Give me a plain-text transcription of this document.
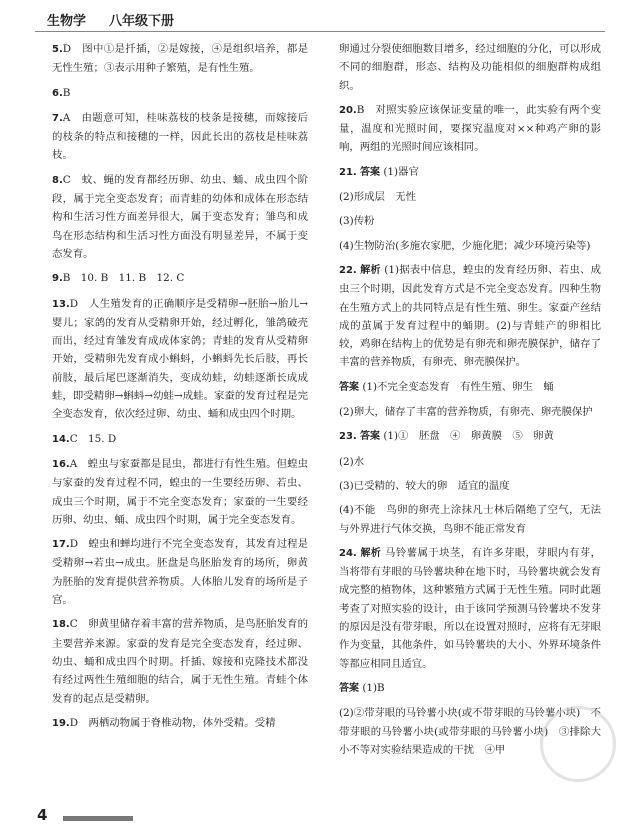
生物学 八年级下册

5.D　图中①是扦插，②是嫁接，④是组织培养，都是无性生殖；③表示用种子繁殖，是有性生殖。

6.B

7.A　由题意可知，桂味荔枝的枝条是接穗，而嫁接后的枝条的特点和接穗的一样，因此长出的荔枝是桂味荔枝。

8.C　蚊、蝇的发育都经历卵、幼虫、蛹、成虫四个阶段，属于完全变态发育；而青蛙的幼体和成体在形态结构和生活习性方面差异很大，属于变态发育；雏鸟和成鸟在形态结构和生活习性方面没有明显差异，不属于变态发育。

9.B　10. B　11. B　12. C

13.D　人生殖发育的正确顺序是受精卵→胚胎→胎儿→婴儿；家鸽的发育从受精卵开始，经过孵化，雏鸽破壳而出，经过育雏发育成成体家鸽；青蛙的发育从受精卵开始，受精卵先发育成小蝌蚪，小蝌蚪先长后肢，再长前肢，最后尾巴逐渐消失，变成幼蛙，幼蛙逐渐长成成蛙，即受精卵→蝌蚪→幼蛙→成蛙。家蚕的发育过程是完全变态发育，依次经过卵、幼虫、蛹和成虫四个时期。

14.C　15. D

16.A　蝗虫与家蚕都是昆虫，都进行有性生殖。但蝗虫与家蚕的发育过程不同，蝗虫的一生要经历卵、若虫、成虫三个时期，属于不完全变态发育；家蚕的一生要经历卵、幼虫、蛹、成虫四个时期，属于完全变态发育。

17.D　蝗虫和蝉均进行不完全变态发育，其发育过程是受精卵→若虫→成虫。胚盘是鸟胚胎发育的场所，卵黄为胚胎的发育提供营养物质。人体胎儿发育的场所是子宫。

18.C　卵黄里储存着丰富的营养物质，是鸟胚胎发育的主要营养来源。家蚕的发育是完全变态发育，经过卵、幼虫、蛹和成虫四个时期。扦插、嫁接和克隆技术都没有经过两性生殖细胞的结合，属于无性生殖。青蛙个体发育的起点是受精卵。

19.D　两栖动物属于脊椎动物，体外受精。受精

卵通过分裂使细胞数目增多，经过细胞的分化，可以形成不同的细胞群，形态、结构及功能相似的细胞群构成组织。

20.B　对照实验应该保证变量的唯一，此实验有两个变量，温度和光照时间，要探究温度对××种鸡产卵的影响，两组的光照时间应该相同。

21. 答案 (1)器官

(2)形成层　无性

(3)传粉

(4)生物防治(多施农家肥，少施化肥；减少环境污染等)

22. 解析 (1)据表中信息，蝗虫的发育经历卵、若虫、成虫三个时期，因此发育方式是不完全变态发育。四种生物在生殖方式上的共同特点是有性生殖、卵生。家蚕产丝结成的茧属于发育过程中的蛹期。(2)与青蛙产的卵相比较，鸡卵在结构上的优势是有卵壳和卵壳膜保护，储存了丰富的营养物质，有卵壳、卵壳膜保护。

答案 (1)不完全变态发育　有性生殖、卵生　蛹

(2)卵大，储存了丰富的营养物质，有卵壳、卵壳膜保护

23. 答案 (1)①　胚盘　④　卵黄膜　⑤　卵黄

(2)水

(3)已受精的、较大的卵　适宜的温度

(4)不能　鸟卵的卵壳上涂抹凡士林后隔绝了空气，无法与外界进行气体交换，鸟卵不能正常发育

24. 解析 马铃薯属于块茎，有许多芽眼，芽眼内有芽，当将带有芽眼的马铃薯块种在地下时，马铃薯块就会发育成完整的植物体，这种繁殖方式属于无性生殖。同时此题考查了对照实验的设计，由于该同学预测马铃薯块不发芽的原因是没有带芽眼，所以在设置对照时，应将有无芽眼作为变量，其他条件，如马铃薯块的大小、外界环境条件等都应相同且适宜。

答案 (1)B

(2)②带芽眼的马铃薯小块(或不带芽眼的马铃薯小块)　不带芽眼的马铃薯小块(或带芽眼的马铃薯小块)　③排除大小不等对实验结果造成的干扰　④甲

4
